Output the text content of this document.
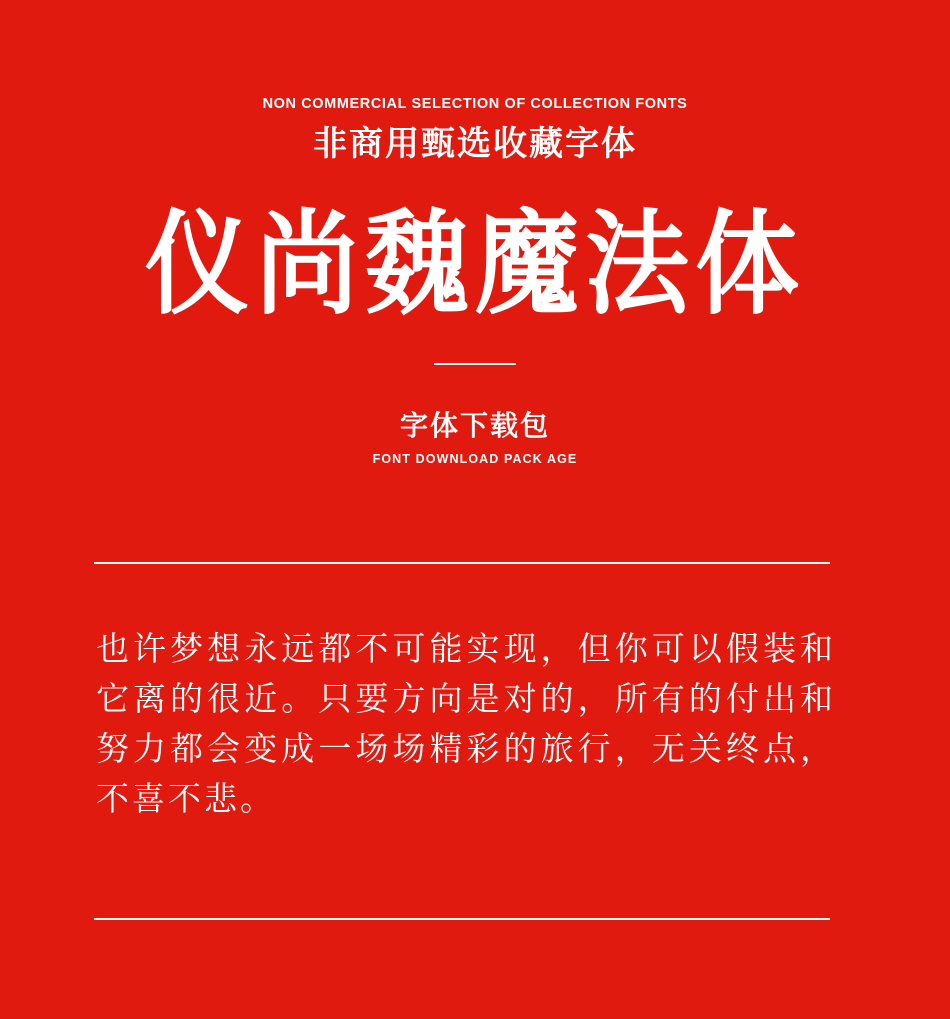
NON COMMERCIAL SELECTION OF COLLECTION FONTS
非商用甄选收藏字体
仪尚魏魔法体
字体下载包
FONT DOWNLOAD PACK AGE
也许梦想永远都不可能实现，但你可以假装和它离的很近。只要方向是对的，所有的付出和努力都会变成一场场精彩的旅行，无关终点，不喜不悲。
